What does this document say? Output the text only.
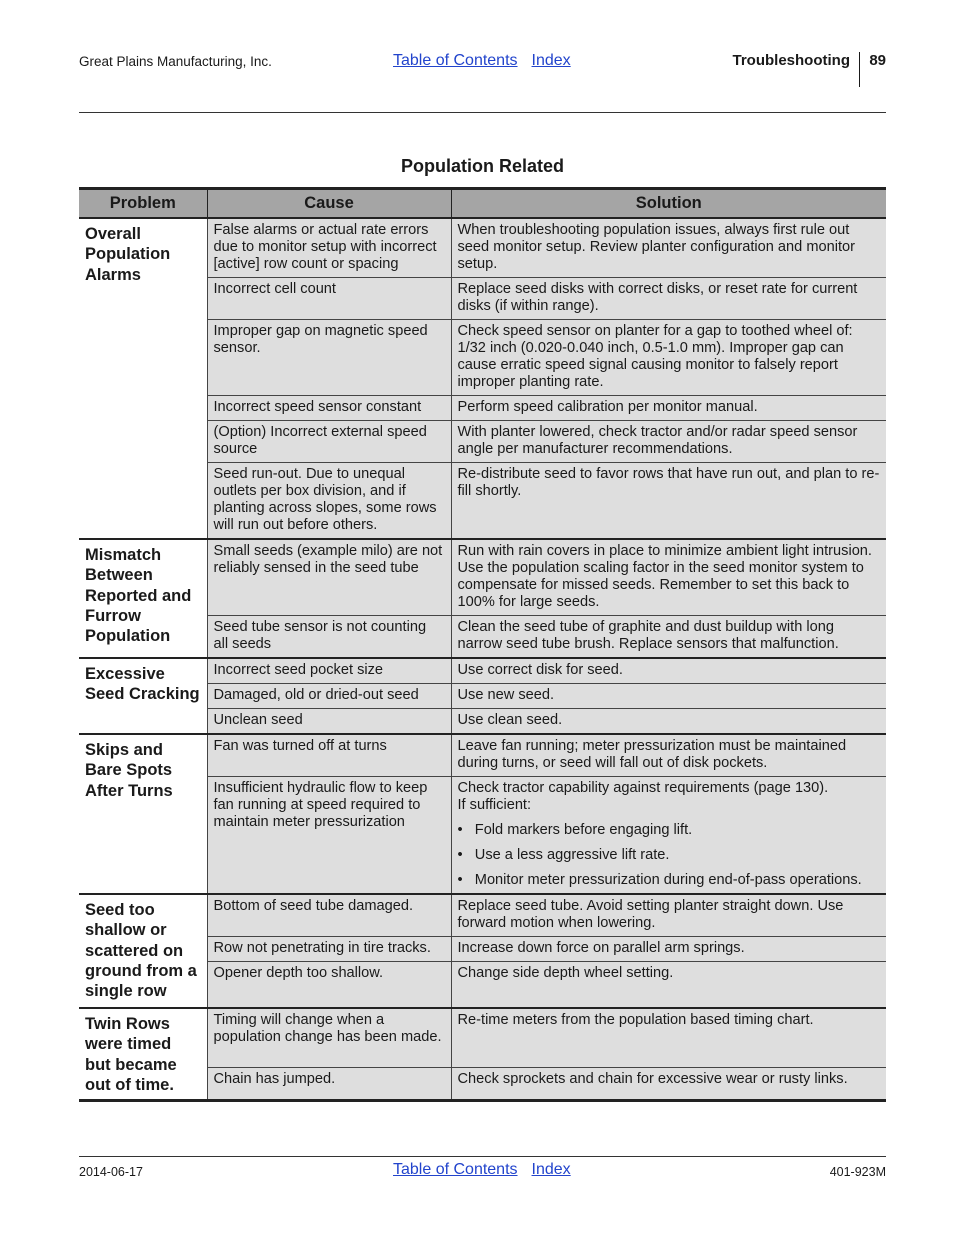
Great Plains Manufacturing, Inc.	Table of Contents Index	Troubleshooting 89
Population Related
Problem	Cause	Solution
Overall Population Alarms	False alarms or actual rate errors due to monitor setup with incorrect [active] row count or spacing	When troubleshooting population issues, always first rule out seed monitor setup. Review planter configuration and monitor setup.
	Incorrect cell count	Replace seed disks with correct disks, or reset rate for current disks (if within range).
	Improper gap on magnetic speed sensor.	Check speed sensor on planter for a gap to toothed wheel of: 1/32 inch (0.020-0.040 inch, 0.5-1.0 mm). Improper gap can cause erratic speed signal causing monitor to falsely report improper planting rate.
	Incorrect speed sensor constant	Perform speed calibration per monitor manual.
	(Option) Incorrect external speed source	With planter lowered, check tractor and/or radar speed sensor angle per manufacturer recommendations.
	Seed run-out. Due to unequal outlets per box division, and if planting across slopes, some rows will run out before others.	Re-distribute seed to favor rows that have run out, and plan to re-fill shortly.
Mismatch Between Reported and Furrow Population	Small seeds (example milo) are not reliably sensed in the seed tube	Run with rain covers in place to minimize ambient light intrusion. Use the population scaling factor in the seed monitor system to compensate for missed seeds. Remember to set this back to 100% for large seeds.
	Seed tube sensor is not counting all seeds	Clean the seed tube of graphite and dust buildup with long narrow seed tube brush. Replace sensors that malfunction.
Excessive Seed Cracking	Incorrect seed pocket size	Use correct disk for seed.
	Damaged, old or dried-out seed	Use new seed.
	Unclean seed	Use clean seed.
Skips and Bare Spots After Turns	Fan was turned off at turns	Leave fan running; meter pressurization must be maintained during turns, or seed will fall out of disk pockets.
	Insufficient hydraulic flow to keep fan running at speed required to maintain meter pressurization	Check tractor capability against requirements (page 130).
If sufficient:
•   Fold markers before engaging lift.
•   Use a less aggressive lift rate.
•   Monitor meter pressurization during end-of-pass operations.

Seed too shallow or scattered on ground from a single row	Bottom of seed tube damaged.	Replace seed tube. Avoid setting planter straight down. Use forward motion when lowering.
	Row not penetrating in tire tracks.	Increase down force on parallel arm springs.
	Opener depth too shallow.	Change side depth wheel setting.
Twin Rows were timed but became out of time.	Timing will change when a population change has been made.	Re-time meters from the population based timing chart.
	Chain has jumped.	Check sprockets and chain for excessive wear or rusty links.
2014-06-17	Table of Contents Index	401-923M
